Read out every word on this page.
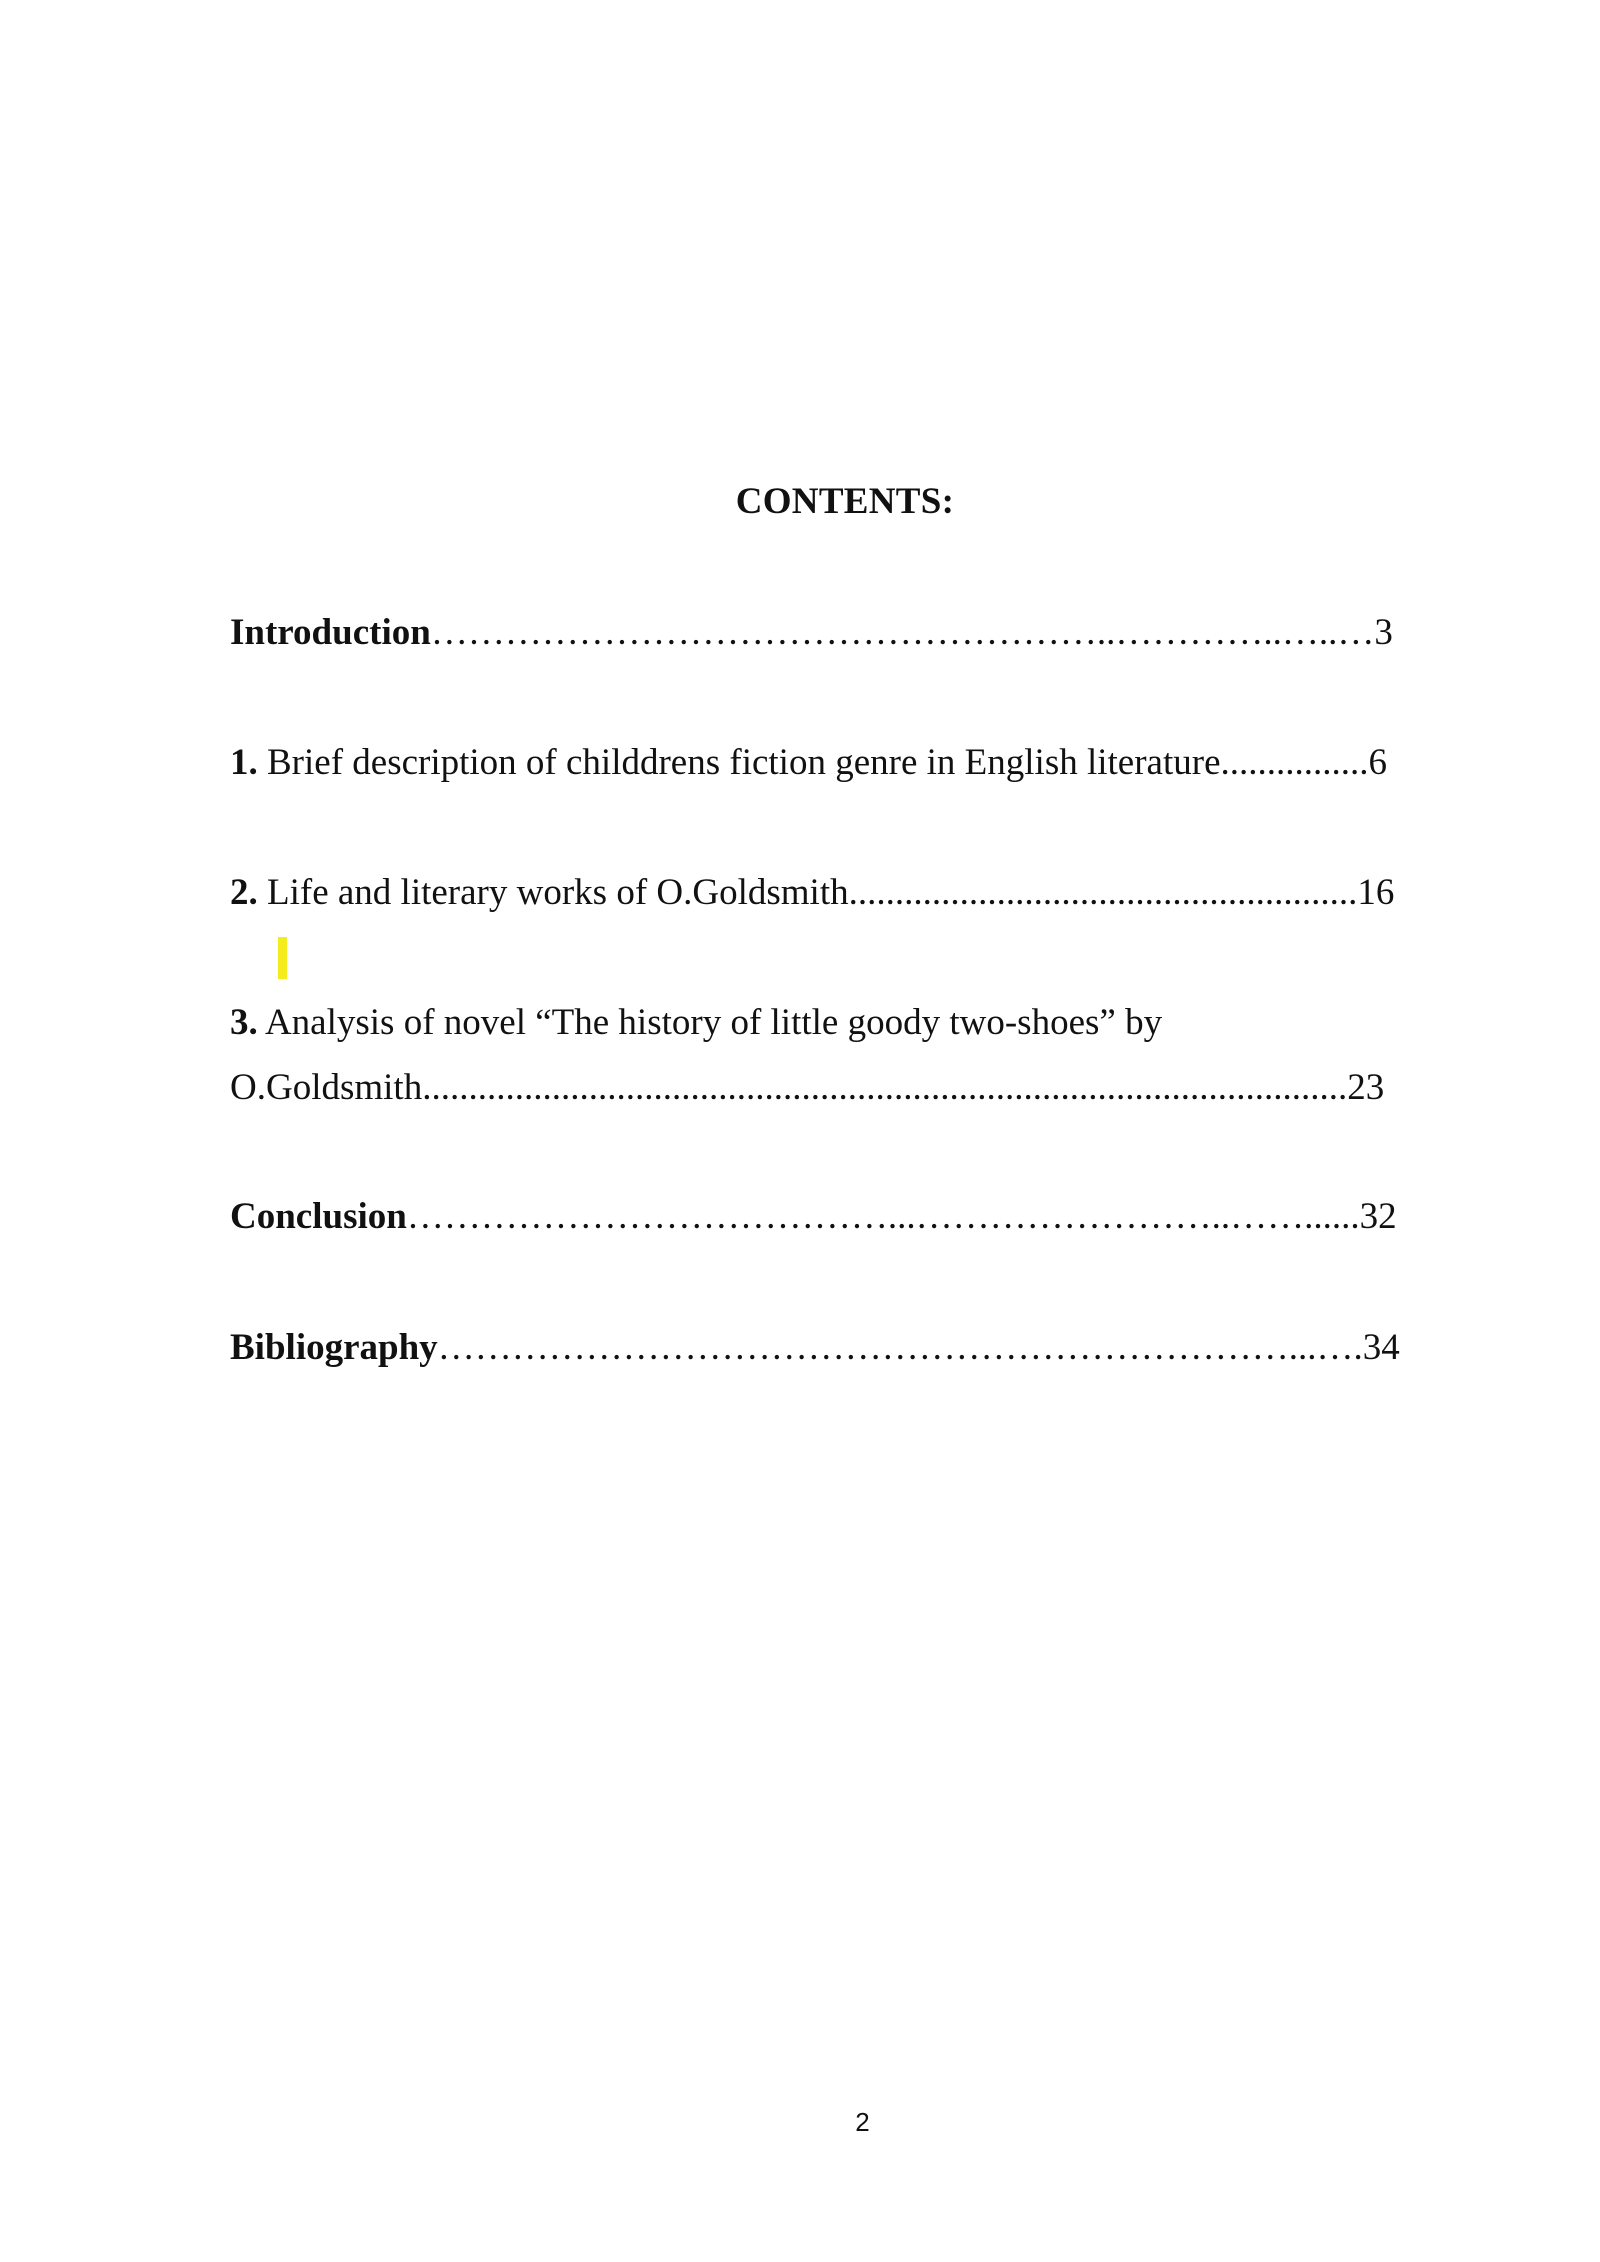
CONTENTS:
Introduction………………………………………………..…………..…..…3
1. Brief description of childdrens fiction genre in English literature................6
2. Life and literary works of O.Goldsmith.......................................................16
3. Analysis of novel “The history of little goody two-shoes” by
O.Goldsmith....................................................................................................23
Conclusion…………………………………...……………………..……......32
Bibliography……………………………………………………………...….34
2
